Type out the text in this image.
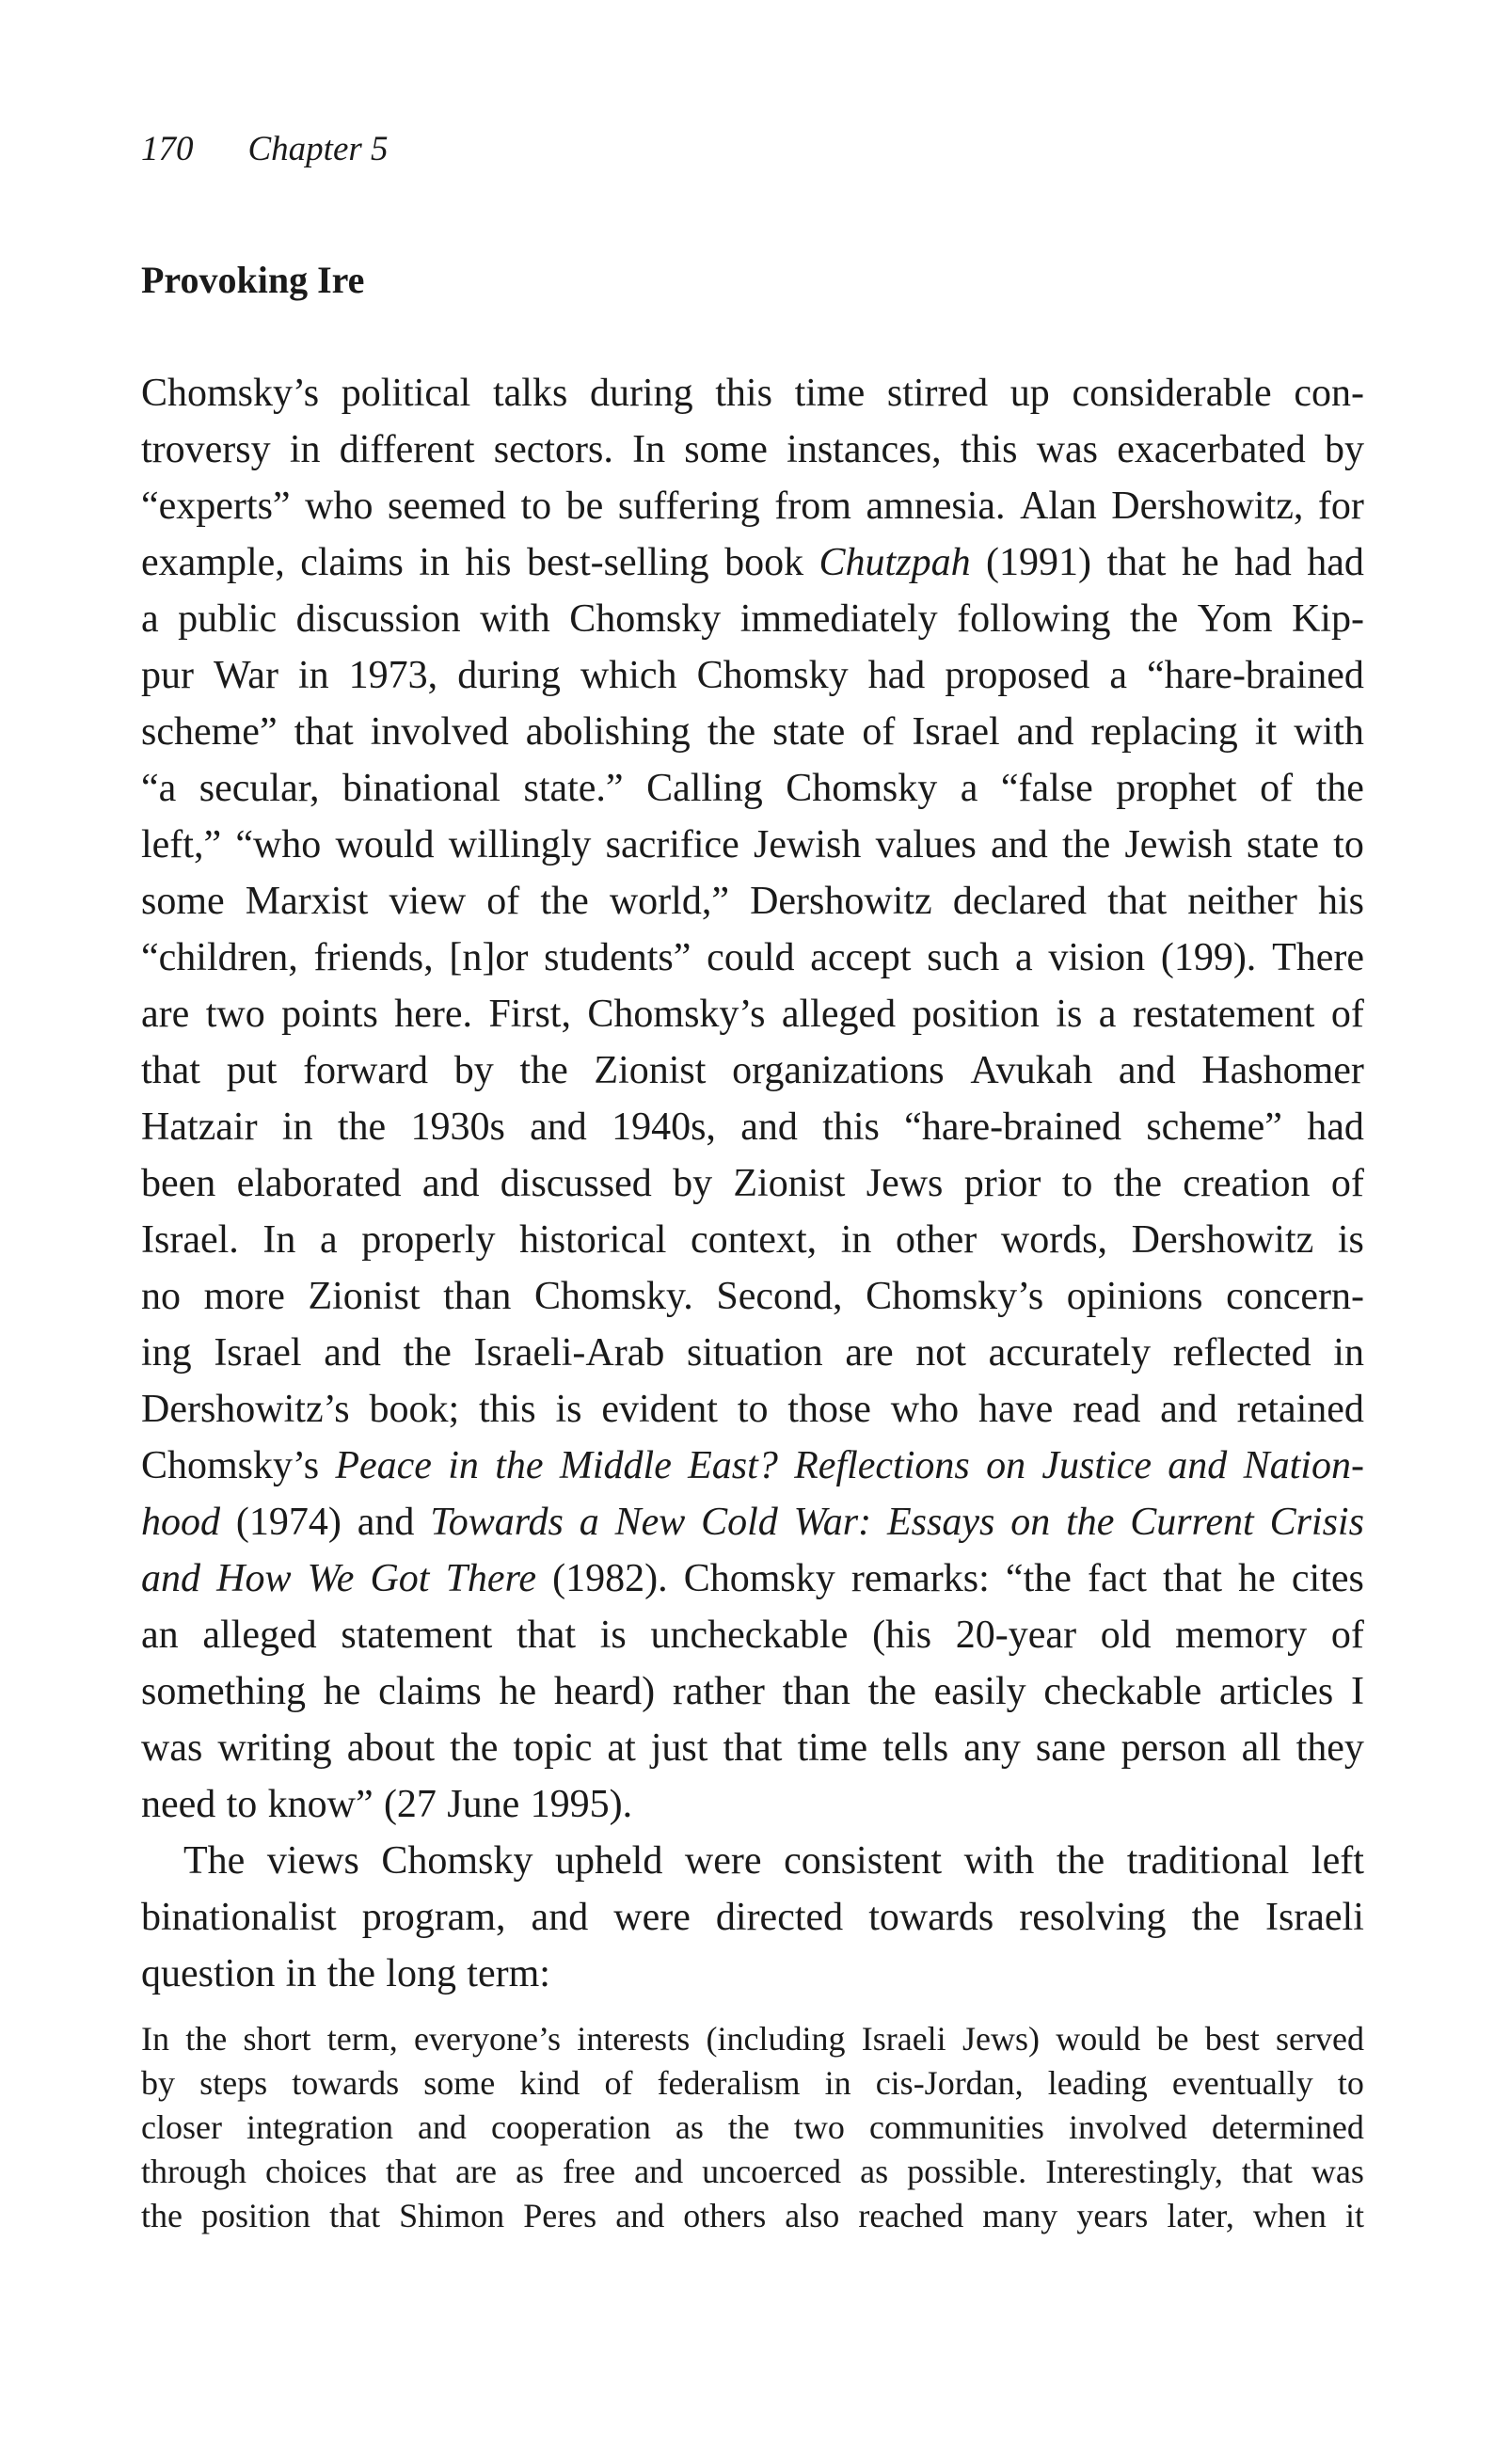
170 Chapter 5
Provoking Ire
Chomsky’s political talks during this time stirred up considerable con-
troversy in different sectors. In some instances, this was exacerbated by
“experts” who seemed to be suffering from amnesia. Alan Dershowitz, for
example, claims in his best-selling book Chutzpah (1991) that he had had
a public discussion with Chomsky immediately following the Yom Kip-
pur War in 1973, during which Chomsky had proposed a “hare-brained
scheme” that involved abolishing the state of Israel and replacing it with
“a secular, binational state.” Calling Chomsky a “false prophet of the
left,” “who would willingly sacrifice Jewish values and the Jewish state to
some Marxist view of the world,” Dershowitz declared that neither his
“children, friends, [n]or students” could accept such a vision (199). There
are two points here. First, Chomsky’s alleged position is a restatement of
that put forward by the Zionist organizations Avukah and Hashomer
Hatzair in the 1930s and 1940s, and this “hare-brained scheme” had
been elaborated and discussed by Zionist Jews prior to the creation of
Israel. In a properly historical context, in other words, Dershowitz is
no more Zionist than Chomsky. Second, Chomsky’s opinions concern-
ing Israel and the Israeli-Arab situation are not accurately reflected in
Dershowitz’s book; this is evident to those who have read and retained
Chomsky’s Peace in the Middle East? Reflections on Justice and Nation-
hood (1974) and Towards a New Cold War: Essays on the Current Crisis
and How We Got There (1982). Chomsky remarks: “the fact that he cites
an alleged statement that is uncheckable (his 20-year old memory of
something he claims he heard) rather than the easily checkable articles I
was writing about the topic at just that time tells any sane person all they
need to know” (27 June 1995).
The views Chomsky upheld were consistent with the traditional left
binationalist program, and were directed towards resolving the Israeli
question in the long term:
In the short term, everyone’s interests (including Israeli Jews) would be best served
by steps towards some kind of federalism in cis-Jordan, leading eventually to
closer integration and cooperation as the two communities involved determined
through choices that are as free and uncoerced as possible. Interestingly, that was
the position that Shimon Peres and others also reached many years later, when it
